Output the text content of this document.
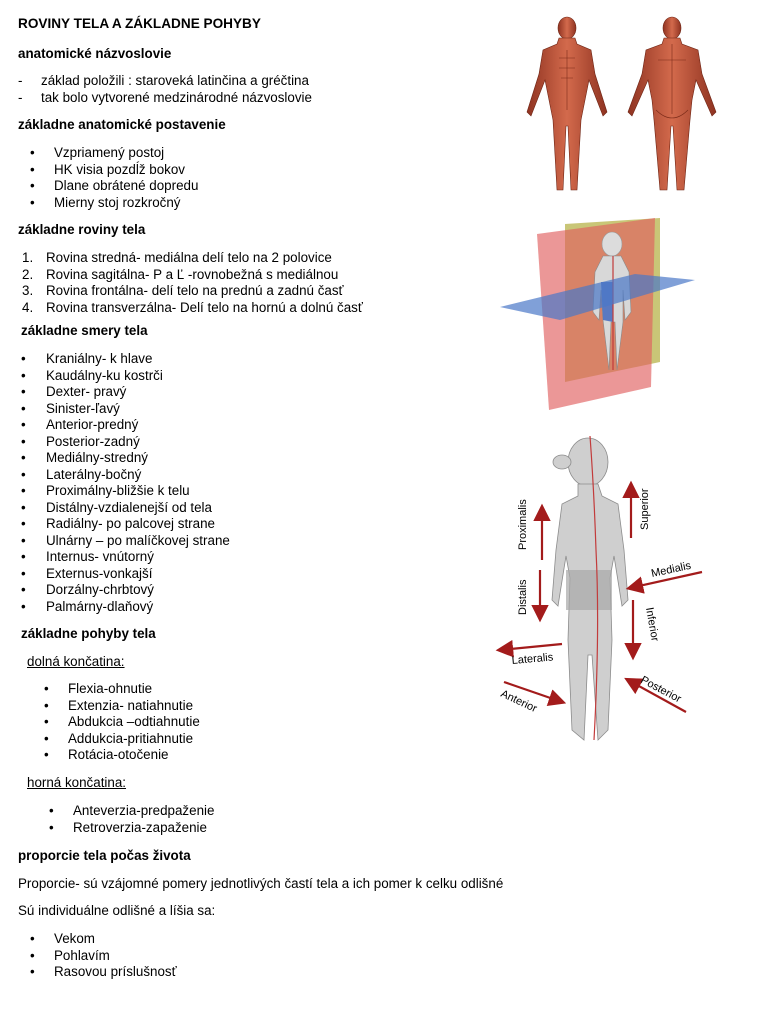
ROVINY TELA A ZÁKLADNE POHYBY
anatomické názvoslovie
- základ položili : staroveká latinčina a gréčtina
- tak bolo vytvorené medzinárodné názvoslovie
základne anatomické postavenie
• Vzpriamený postoj
• HK visia pozdĺž bokov
• Dlane obrátené dopredu
• Mierny stoj rozkročný
základne roviny tela
1. Rovina stredná- mediálna delí telo na 2 polovice
2. Rovina sagitálna- P a Ľ -rovnobežná s mediálnou
3. Rovina frontálna- delí telo na prednú a zadnú časť
4. Rovina transverzálna- Delí telo na hornú a dolnú časť
základne smery tela
• Kraniálny- k hlave
• Kaudálny-ku kostrči
• Dexter- pravý
• Sinister-ľavý
• Anterior-predný
• Posterior-zadný
• Mediálny-stredný
• Laterálny-bočný
• Proximálny-bližšie k telu
• Distálny-vzdialenejší od tela
• Radiálny- po palcovej strane
• Ulnárny – po malíčkovej strane
• Internus- vnútorný
• Externus-vonkajší
• Dorzálny-chrbtový
• Palmárny-dlaňový
základne pohyby tela
dolná končatina:
• Flexia-ohnutie
• Extenzia- natiahnutie
• Abdukcia –odtiahnutie
• Addukcia-pritiahnutie
• Rotácia-otočenie
horná končatina:
• Anteverzia-predpaženie
• Retroverzia-zapaženie
proporcie tela počas života
Proporcie- sú vzájomné pomery jednotlivých častí tela a ich pomer k celku odlišné
Sú individuálne odlišné a líšia sa:
• Vekom
• Pohlavím
• Rasovou príslušnosť
Proximalis
Distalis
Superior
Medialis
Inferior
Lateralis
Anterior	Posterior
